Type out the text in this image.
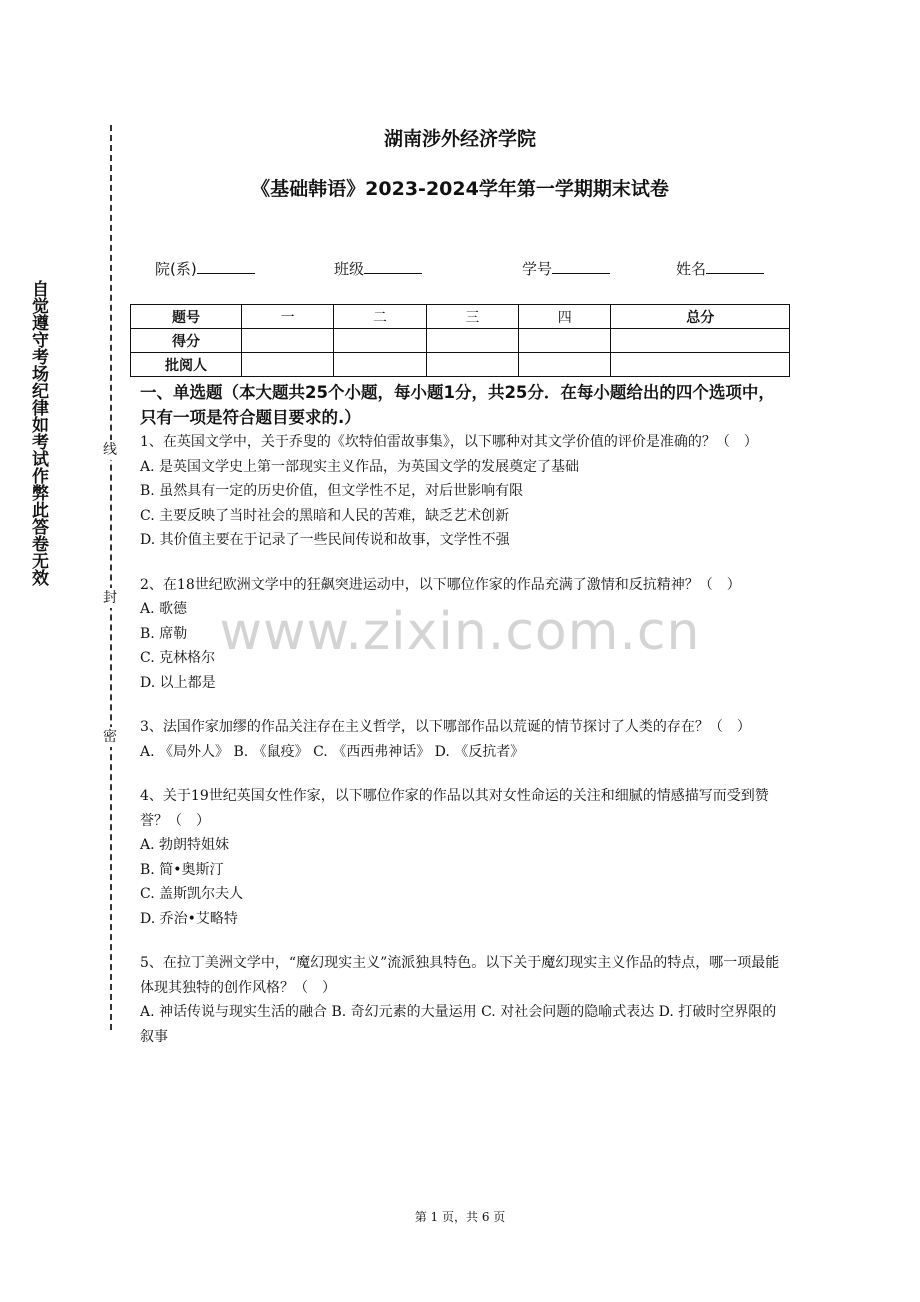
自觉遵守考场纪律如考试作弊此答卷无效	线
封
密
湖南涉外经济学院
《基础韩语》2023-2024学年第一学期期末试卷
院(系)	班级	学号	姓名
题号	一	二	三	四	总分
得分					
批阅人					
一、单选题（本大题共25个小题，每小题1分，共25分．在每小题给出的四个选项中，只有一项是符合题目要求的.）

1、在英国文学中，关于乔叟的《坎特伯雷故事集》，以下哪种对其文学价值的评价是准确的？（　）

A. 是英国文学史上第一部现实主义作品，为英国文学的发展奠定了基础

B. 虽然具有一定的历史价值，但文学性不足，对后世影响有限

C. 主要反映了当时社会的黑暗和人民的苦难，缺乏艺术创新

D. 其价值主要在于记录了一些民间传说和故事，文学性不强

2、在18世纪欧洲文学中的狂飙突进运动中，以下哪位作家的作品充满了激情和反抗精神？（　）

A. 歌德

B. 席勒

C. 克林格尔

D. 以上都是

3、法国作家加缪的作品关注存在主义哲学，以下哪部作品以荒诞的情节探讨了人类的存在？（　）

A. 《局外人》 B. 《鼠疫》 C. 《西西弗神话》 D. 《反抗者》

4、关于19世纪英国女性作家，以下哪位作家的作品以其对女性命运的关注和细腻的情感描写而受到赞誉？（　）

A. 勃朗特姐妹

B. 简•奥斯汀

C. 盖斯凯尔夫人

D. 乔治•艾略特

5、在拉丁美洲文学中，“魔幻现实主义”流派独具特色。以下关于魔幻现实主义作品的特点，哪一项最能体现其独特的创作风格？（　）

A. 神话传说与现实生活的融合 B. 奇幻元素的大量运用 C. 对社会问题的隐喻式表达 D. 打破时空界限的叙事

www.zixin.com.cn
第 1 页，共 6 页
